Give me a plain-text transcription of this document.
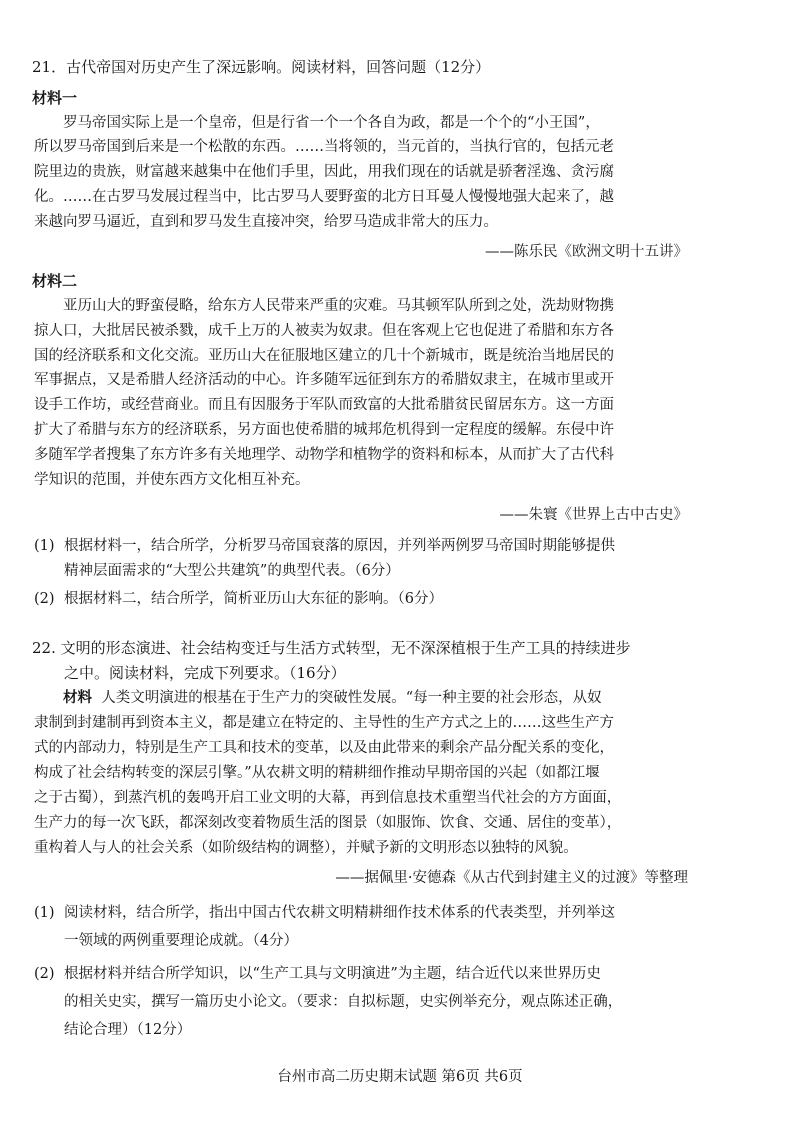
21．古代帝国对历史产生了深远影响。阅读材料，回答问题（12分）
材料一
罗马帝国实际上是一个皇帝，但是行省一个一个各自为政，都是一个个的“小王国”，
所以罗马帝国到后来是一个松散的东西。……当将领的，当元首的，当执行官的，包括元老
院里边的贵族，财富越来越集中在他们手里，因此，用我们现在的话就是骄奢淫逸、贪污腐
化。……在古罗马发展过程当中，比古罗马人要野蛮的北方日耳曼人慢慢地强大起来了，越
来越向罗马逼近，直到和罗马发生直接冲突，给罗马造成非常大的压力。
——陈乐民《欧洲文明十五讲》
材料二
亚历山大的野蛮侵略，给东方人民带来严重的灾难。马其顿军队所到之处，洗劫财物携
掠人口，大批居民被杀戮，成千上万的人被卖为奴隶。但在客观上它也促进了希腊和东方各
国的经济联系和文化交流。亚历山大在征服地区建立的几十个新城市，既是统治当地居民的
军事据点，又是希腊人经济活动的中心。许多随军远征到东方的希腊奴隶主，在城市里或开
设手工作坊，或经营商业。而且有因服务于军队而致富的大批希腊贫民留居东方。这一方面
扩大了希腊与东方的经济联系，另方面也使希腊的城邦危机得到一定程度的缓解。东侵中许
多随军学者搜集了东方许多有关地理学、动物学和植物学的资料和标本，从而扩大了古代科
学知识的范围，并使东西方文化相互补充。
——朱寰《世界上古中古史》
(1) 根据材料一，结合所学，分析罗马帝国衰落的原因，并列举两例罗马帝国时期能够提供
精神层面需求的“大型公共建筑”的典型代表。（6分）
(2) 根据材料二，结合所学，简析亚历山大东征的影响。（6分）
22. 文明的形态演进、社会结构变迁与生活方式转型，无不深深植根于生产工具的持续进步
之中。阅读材料，完成下列要求。（16分）
材料 人类文明演进的根基在于生产力的突破性发展。“每一种主要的社会形态，从奴
隶制到封建制再到资本主义，都是建立在特定的、主导性的生产方式之上的……这些生产方
式的内部动力，特别是生产工具和技术的变革，以及由此带来的剩余产品分配关系的变化，
构成了社会结构转变的深层引擎。”从农耕文明的精耕细作推动早期帝国的兴起（如都江堰
之于古蜀），到蒸汽机的轰鸣开启工业文明的大幕，再到信息技术重塑当代社会的方方面面，
生产力的每一次飞跃，都深刻改变着物质生活的图景（如服饰、饮食、交通、居住的变革），
重构着人与人的社会关系（如阶级结构的调整），并赋予新的文明形态以独特的风貌。
——据佩里·安德森《从古代到封建主义的过渡》等整理
(1) 阅读材料，结合所学，指出中国古代农耕文明精耕细作技术体系的代表类型，并列举这
一领域的两例重要理论成就。（4分）
(2) 根据材料并结合所学知识，以“生产工具与文明演进”为主题，结合近代以来世界历史
的相关史实，撰写一篇历史小论文。（要求：自拟标题，史实例举充分，观点陈述正确，
结论合理）（12分）
台州市高二历史期末试题 第6页 共6页
